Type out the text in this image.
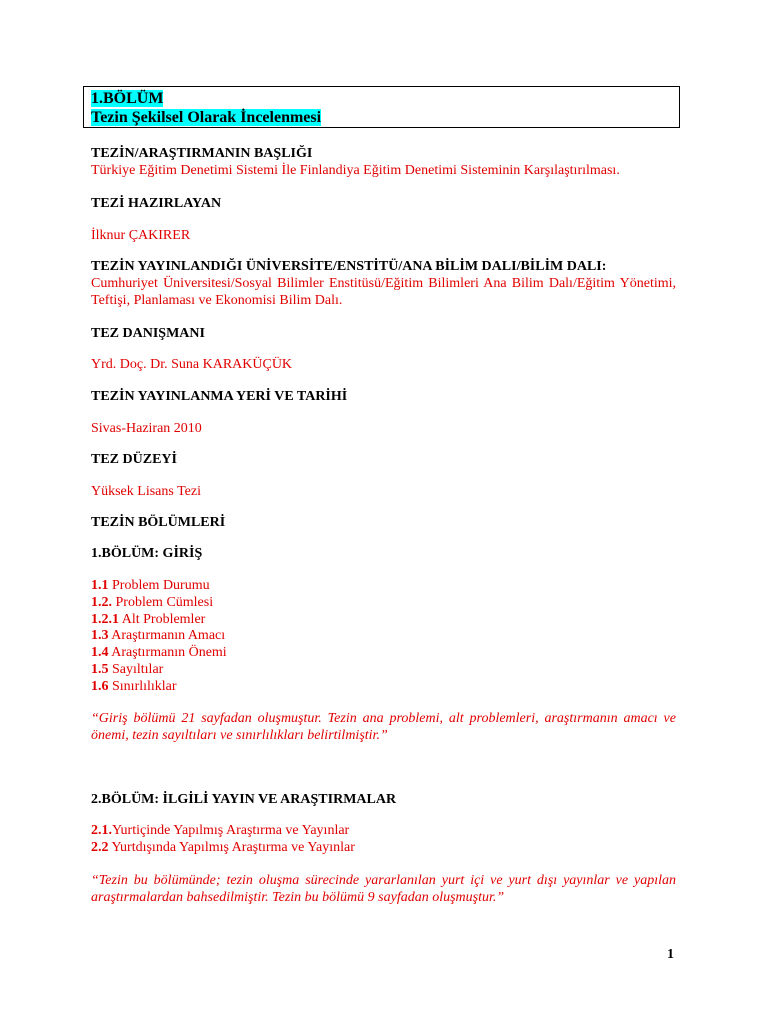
1.BÖLÜM
Tezin Şekilsel Olarak İncelenmesi
TEZİN/ARAŞTIRMANIN BAŞLIĞI
Türkiye Eğitim Denetimi Sistemi İle Finlandiya Eğitim Denetimi Sisteminin Karşılaştırılması.
TEZİ HAZIRLAYAN
İlknur ÇAKIRER
TEZİN YAYINLANDIĞI ÜNİVERSİTE/ENSTİTÜ/ANA BİLİM DALI/BİLİM DALI:
Cumhuriyet Üniversitesi/Sosyal Bilimler Enstitüsü/Eğitim Bilimleri Ana Bilim Dalı/Eğitim Yönetimi, Teftişi, Planlaması ve Ekonomisi Bilim Dalı.
TEZ DANIŞMANI
Yrd. Doç. Dr. Suna KARAKÜÇÜK
TEZİN YAYINLANMA YERİ VE TARİHİ
Sivas-Haziran 2010
TEZ DÜZEYİ
Yüksek Lisans Tezi
TEZİN BÖLÜMLERİ
1.BÖLÜM: GİRİŞ
1.1 Problem Durumu
1.2. Problem Cümlesi
1.2.1 Alt Problemler
1.3 Araştırmanın Amacı
1.4 Araştırmanın Önemi
1.5 Sayıltılar
1.6 Sınırlılıklar
“Giriş bölümü 21 sayfadan oluşmuştur. Tezin ana problemi, alt problemleri, araştırmanın amacı ve önemi, tezin sayıltıları ve sınırlılıkları belirtilmiştir.”
2.BÖLÜM: İLGİLİ YAYIN VE ARAŞTIRMALAR
2.1.Yurtiçinde Yapılmış Araştırma ve Yayınlar
2.2 Yurtdışında Yapılmış Araştırma ve Yayınlar
“Tezin bu bölümünde; tezin oluşma sürecinde yararlanılan yurt içi ve yurt dışı yayınlar ve yapılan araştırmalardan bahsedilmiştir. Tezin bu bölümü 9 sayfadan oluşmuştur.”
1
